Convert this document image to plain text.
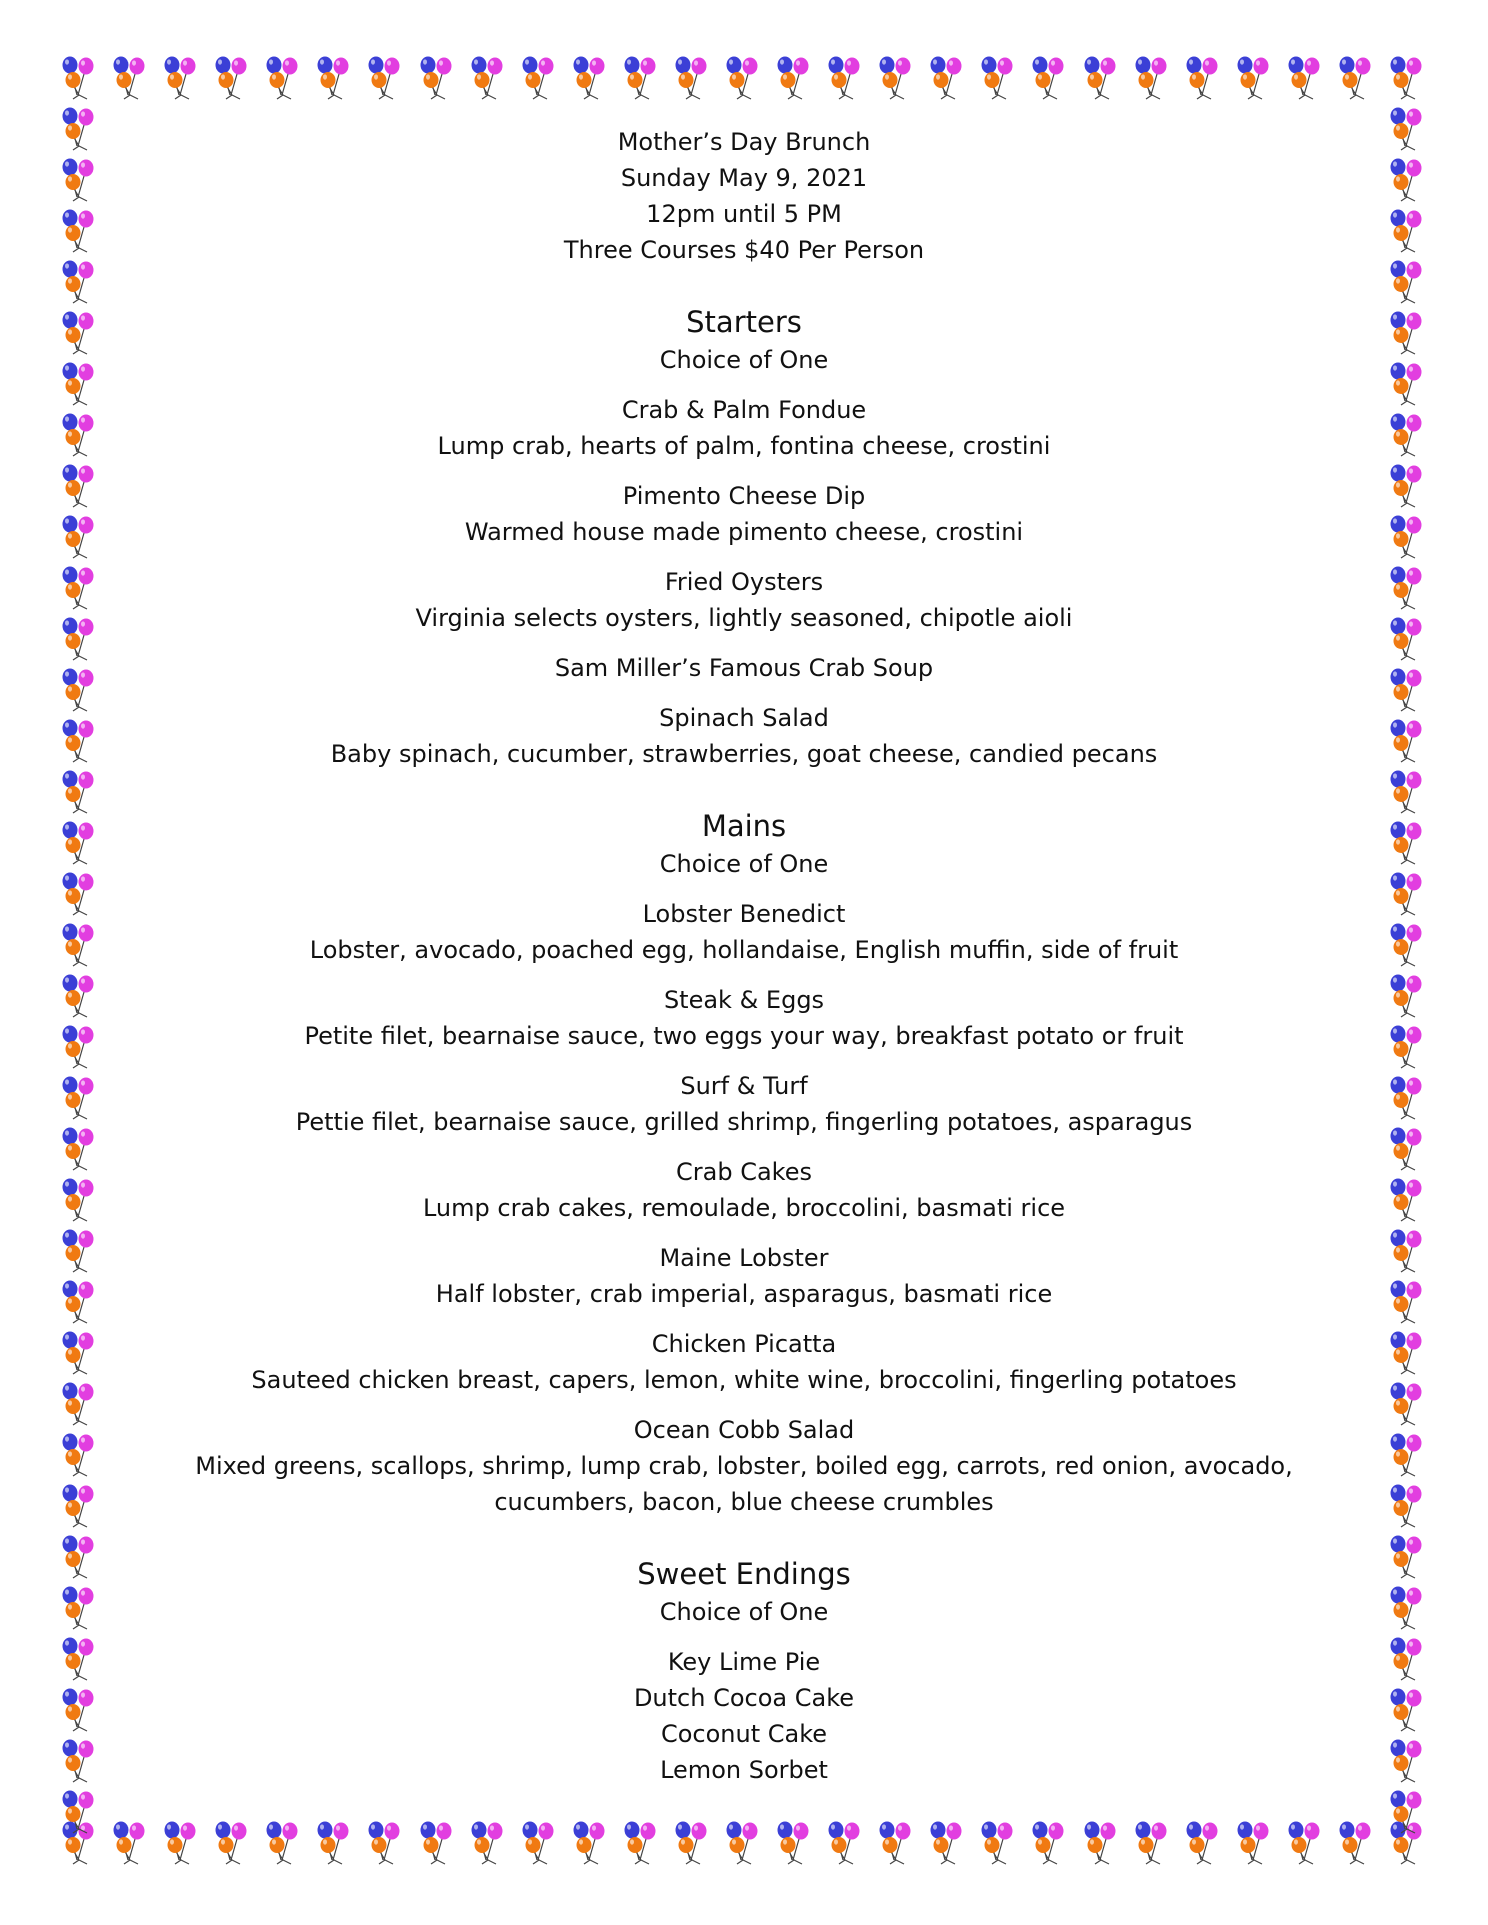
Mother’s Day Brunch

Sunday May 9, 2021

12pm until 5 PM

Three Courses $40 Per Person

Starters

Choice of One

Crab & Palm Fondue

Lump crab, hearts of palm, fontina cheese, crostini

Pimento Cheese Dip

Warmed house made pimento cheese, crostini

Fried Oysters

Virginia selects oysters, lightly seasoned, chipotle aioli

Sam Miller’s Famous Crab Soup

Spinach Salad

Baby spinach, cucumber, strawberries, goat cheese, candied pecans

Mains

Choice of One

Lobster Benedict

Lobster, avocado, poached egg, hollandaise, English muffin, side of fruit

Steak & Eggs

Petite filet, bearnaise sauce, two eggs your way, breakfast potato or fruit

Surf & Turf

Pettie filet, bearnaise sauce, grilled shrimp, fingerling potatoes, asparagus

Crab Cakes

Lump crab cakes, remoulade, broccolini, basmati rice

Maine Lobster

Half lobster, crab imperial, asparagus, basmati rice

Chicken Picatta

Sauteed chicken breast, capers, lemon, white wine, broccolini, fingerling potatoes

Ocean Cobb Salad

Mixed greens, scallops, shrimp, lump crab, lobster, boiled egg, carrots, red onion, avocado,

cucumbers, bacon, blue cheese crumbles

Sweet Endings

Choice of One

Key Lime Pie

Dutch Cocoa Cake

Coconut Cake

Lemon Sorbet
